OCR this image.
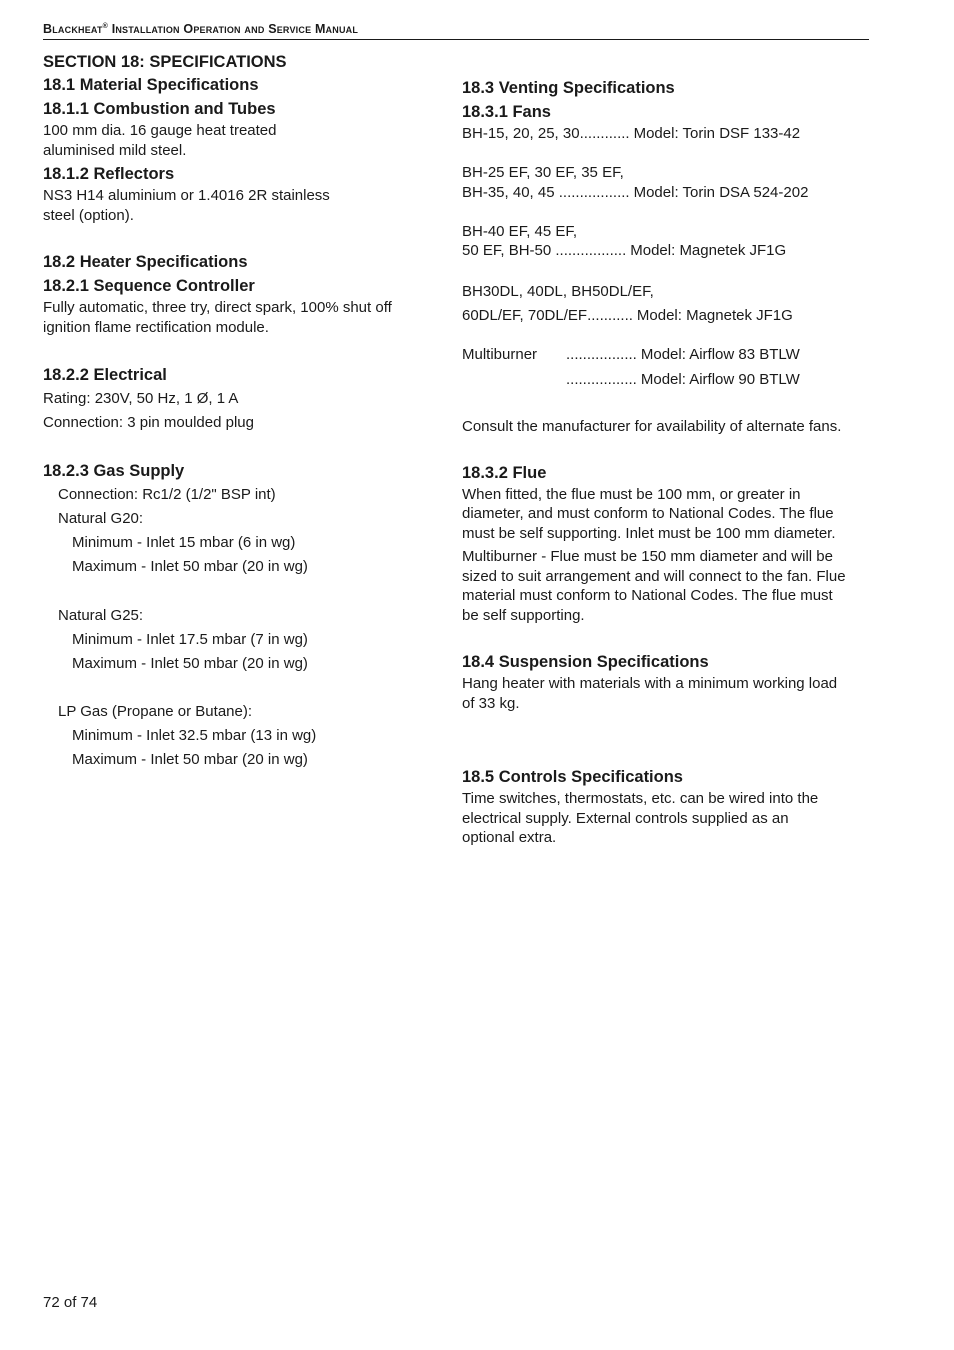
Blackheat® Installation Operation and Service Manual

SECTION 18: SPECIFICATIONS

18.1 Material Specifications

18.1.1 Combustion and Tubes

100 mm dia. 16 gauge heat treated

aluminised mild steel.

18.1.2 Reflectors

NS3 H14 aluminium or 1.4016 2R stainless

steel (option).

18.2 Heater Specifications

18.2.1 Sequence Controller

Fully automatic, three try, direct spark, 100% shut off

ignition flame rectification module.

18.2.2 Electrical

Rating: 230V, 50 Hz, 1 Ø, 1 A

Connection: 3 pin moulded plug

18.2.3 Gas Supply

Connection: Rc1/2 (1/2" BSP int)

Natural G20:

Minimum - Inlet 15 mbar (6 in wg)

Maximum - Inlet 50 mbar (20 in wg)

Natural G25:

Minimum - Inlet 17.5 mbar (7 in wg)

Maximum - Inlet 50 mbar (20 in wg)

LP Gas (Propane or Butane):

Minimum - Inlet 32.5 mbar (13 in wg)

Maximum - Inlet 50 mbar (20 in wg)

18.3 Venting Specifications

18.3.1 Fans

BH-15, 20, 25, 30 ............ Model: Torin DSF 133-42

BH-25 EF, 30 EF, 35 EF,

BH-35, 40, 45 ................. Model: Torin DSA 524-202

BH-40 EF, 45 EF,

50 EF, BH-50 ................. Model: Magnetek JF1G

BH30DL, 40DL, BH50DL/EF,

60DL/EF, 70DL/EF ........... Model: Magnetek JF1G
Multiburner	................. Model: Airflow 83 BTLW
................. Model: Airflow 90 BTLW

Consult the manufacturer for availability of alternate fans.

18.3.2 Flue

When fitted, the flue must be 100 mm, or greater in

diameter, and must conform to National Codes. The flue

must be self supporting. Inlet must be 100 mm diameter.

Multiburner - Flue must be 150 mm diameter and will be

sized to suit arrangement and will connect to the fan. Flue

material must conform to National Codes. The flue must

be self supporting.

18.4 Suspension Specifications

Hang heater with materials with a minimum working load

of 33 kg.

18.5 Controls Specifications

Time switches, thermostats, etc. can be wired into the

electrical supply. External controls supplied as an

optional extra.

72 of 74
